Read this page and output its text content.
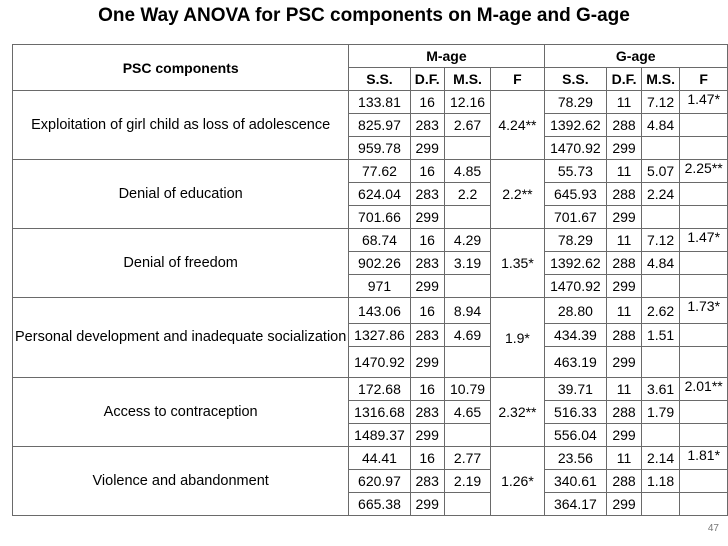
One Way ANOVA for PSC components on M-age and G-age
PSC components	M-age				G-age			
	S.S.	D.F.	M.S.	F	S.S.	D.F.	M.S.	F
Exploitation of girl child as loss of adolescence	133.81	16	12.16	4.24**	78.29	11	7.12	1.47*
	825.97	283	2.67		1392.62	288	4.84	
	959.78	299			1470.92	299		
Denial of education	77.62	16	4.85	2.2**	55.73	11	5.07	2.25**
	624.04	283	2.2		645.93	288	2.24	
	701.66	299			701.67	299		
Denial of freedom	68.74	16	4.29	1.35*	78.29	11	7.12	1.47*
	902.26	283	3.19		1392.62	288	4.84	
	971	299			1470.92	299		
Personal development and inadequate socialization	143.06	16	8.94	1.9*	28.80	11	2.62	1.73*
	1327.86	283	4.69		434.39	288	1.51	
	1470.92	299			463.19	299		
Access to contraception	172.68	16	10.79	2.32**	39.71	11	3.61	2.01**
	1316.68	283	4.65		516.33	288	1.79	
	1489.37	299			556.04	299		
Violence and abandonment	44.41	16	2.77	1.26*	23.56	11	2.14	1.81*
	620.97	283	2.19		340.61	288	1.18	
	665.38	299			364.17	299		
47
